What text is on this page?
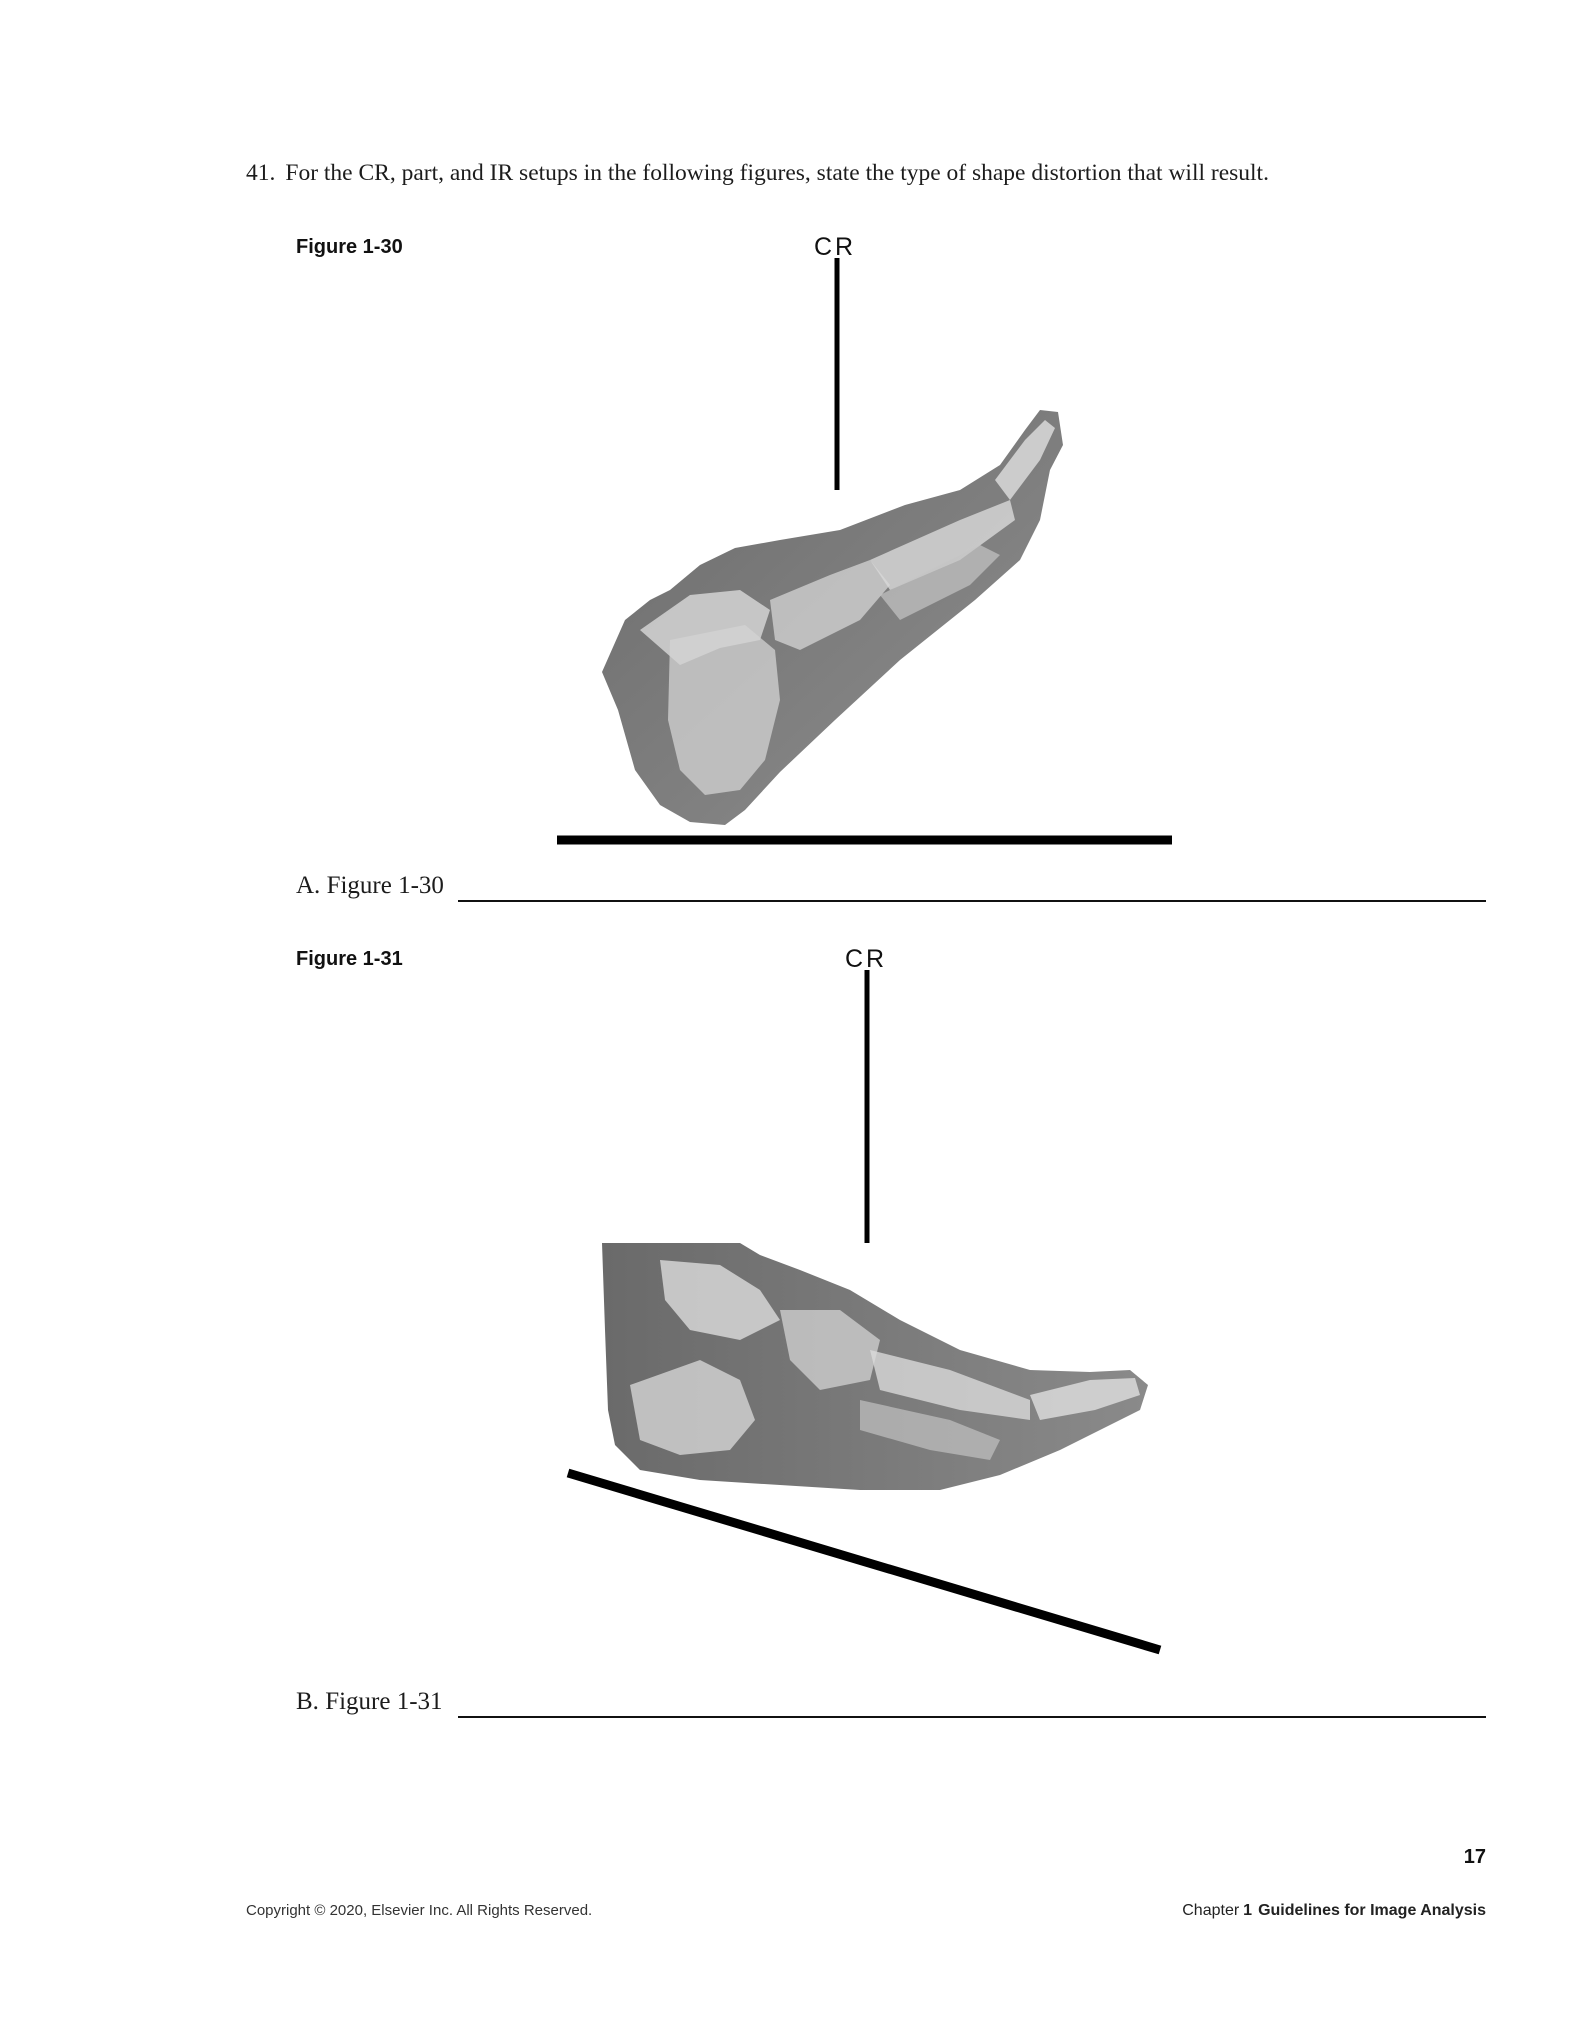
41. For the CR, part, and IR setups in the following figures, state the type of shape distortion that will result.
Figure 1-30	CR
A. Figure 1-30
Figure 1-31	CR
B. Figure 1-31
17
Copyright © 2020, Elsevier Inc. All Rights Reserved.	Chapter 1 Guidelines for Image Analysis
